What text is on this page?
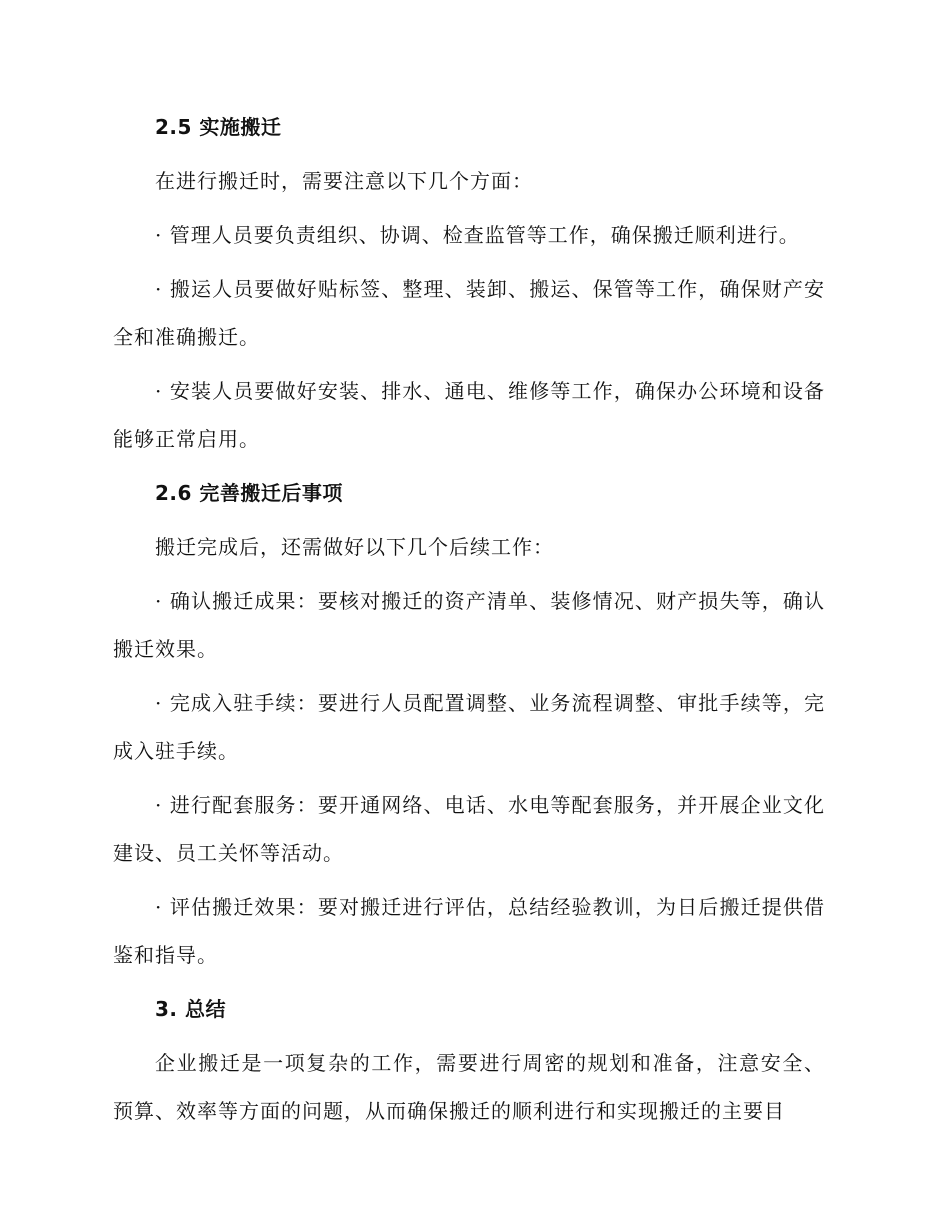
2.5 实施搬迁

在进行搬迁时，需要注意以下几个方面：

· 管理人员要负责组织、协调、检查监管等工作，确保搬迁顺利进行。

· 搬运人员要做好贴标签、整理、装卸、搬运、保管等工作，确保财产安全和准确搬迁。

· 安装人员要做好安装、排水、通电、维修等工作，确保办公环境和设备能够正常启用。

2.6 完善搬迁后事项

搬迁完成后，还需做好以下几个后续工作：

· 确认搬迁成果：要核对搬迁的资产清单、装修情况、财产损失等，确认搬迁效果。

· 完成入驻手续：要进行人员配置调整、业务流程调整、审批手续等，完成入驻手续。

· 进行配套服务：要开通网络、电话、水电等配套服务，并开展企业文化建设、员工关怀等活动。

· 评估搬迁效果：要对搬迁进行评估，总结经验教训，为日后搬迁提供借鉴和指导。

3. 总结

企业搬迁是一项复杂的工作，需要进行周密的规划和准备，注意安全、预算、效率等方面的问题，从而确保搬迁的顺利进行和实现搬迁的主要目
